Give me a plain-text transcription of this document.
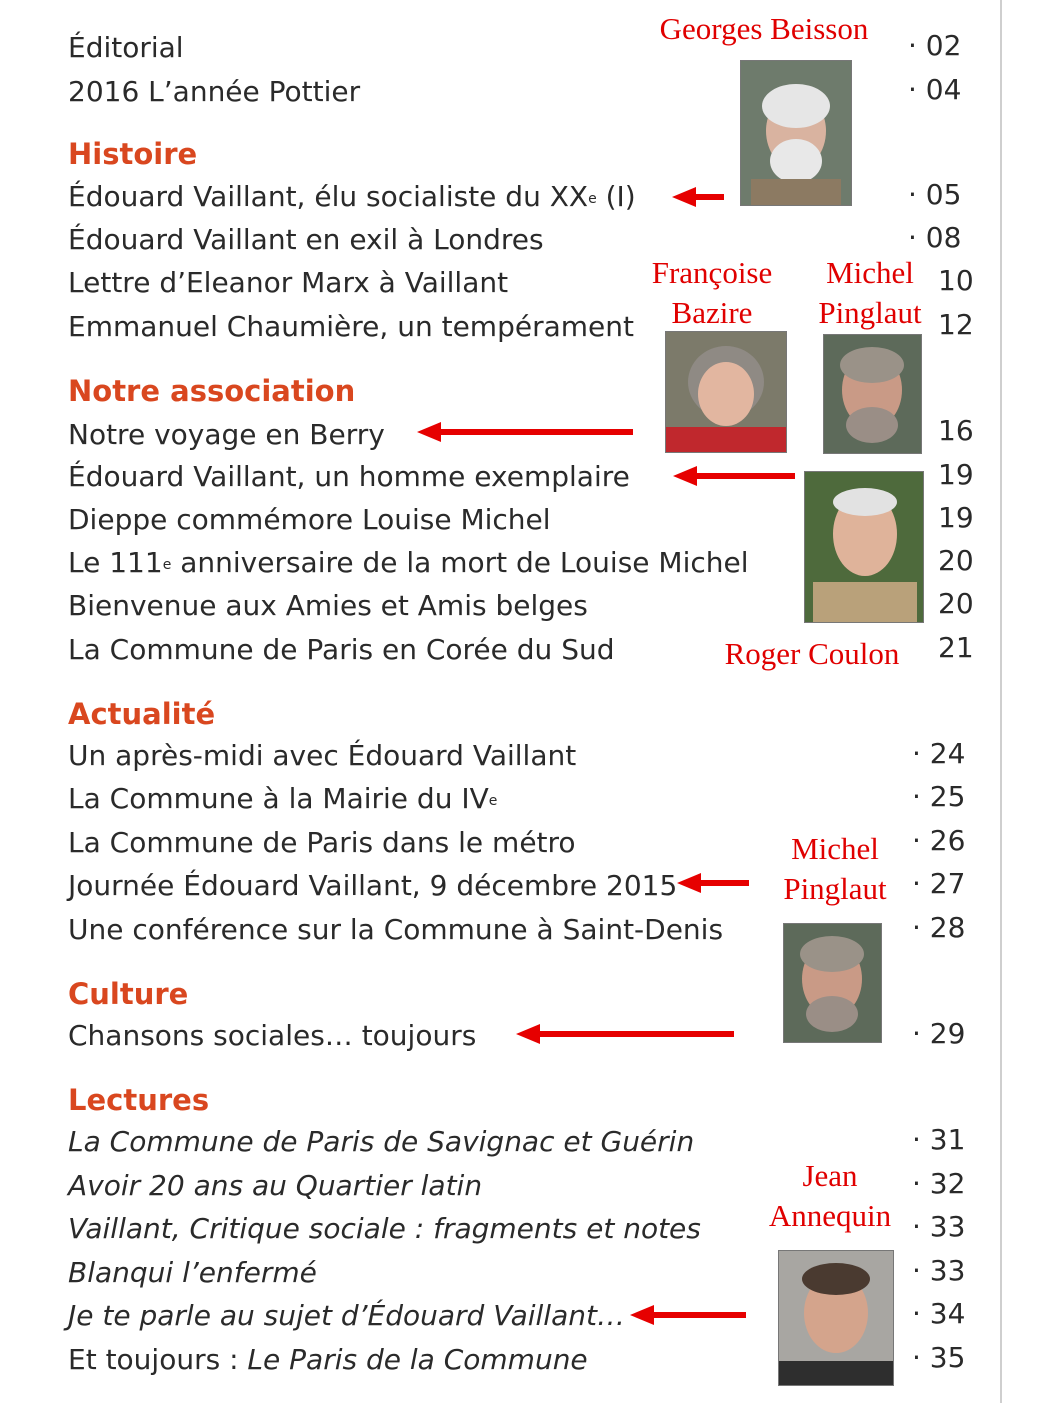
Éditorial	· 02
2016 L’année Pottier	· 04
Histoire
Édouard Vaillant, élu socialiste du XXe (I)	· 05
Édouard Vaillant en exil à Londres	· 08
Lettre d’Eleanor Marx à Vaillant	10
Emmanuel Chaumière, un tempérament	12
Notre association
Notre voyage en Berry	16
Édouard Vaillant, un homme exemplaire	19
Dieppe commémore Louise Michel	19
Le 111e anniversaire de la mort de Louise Michel	20
Bienvenue aux Amies et Amis belges	20
La Commune de Paris en Corée du Sud	21
Actualité
Un après-midi avec Édouard Vaillant	· 24
La Commune à la Mairie du $IV^e$	· 25
La Commune de Paris dans le métro	· 26
Journée Édouard Vaillant, 9 décembre 2015	· 27
Une conférence sur la Commune à Saint-Denis	· 28
Culture
Chansons sociales… toujours	· 29
Lectures
La Commune de Paris de Savignac et Guérin	· 31
Avoir 20 ans au Quartier latin	· 32
Vaillant, Critique sociale : fragments et notes	· 33
Blanqui l’enfermé	· 33
Je te parle au sujet d’Édouard Vaillant…	· 34
Et toujours : Le Paris de la Commune	· 35
Georges Beisson
Françoise
Bazire
Michel
Pinglaut
Roger Coulon
Michel
Pinglaut
Jean
Annequin
